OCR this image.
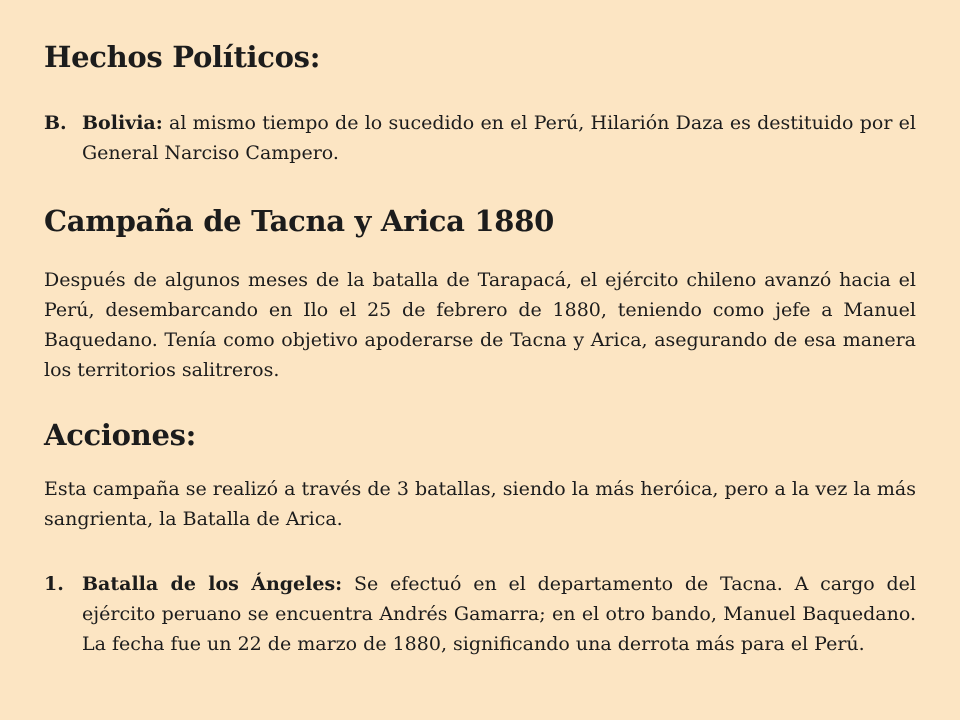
Hechos Políticos:
B. Bolivia: al mismo tiempo de lo sucedido en el Perú, Hilarión Daza es destituido por el General Narciso Campero.

Campaña de Tacna y Arica 1880

Después de algunos meses de la batalla de Tarapacá, el ejército chileno avanzó hacia el Perú, desembarcando en Ilo el 25 de febrero de 1880, teniendo como jefe a Manuel Baquedano. Tenía como objetivo apoderarse de Tacna y Arica, asegurando de esa manera los territorios salitreros.

Acciones:

Esta campaña se realizó a través de 3 batallas, siendo la más heróica, pero a la vez la más sangrienta, la Batalla de Arica.

1. Batalla de los Ángeles: Se efectuó en el departamento de Tacna. A cargo del ejército peruano se encuentra Andrés Gamarra; en el otro bando, Manuel Baquedano. La fecha fue un 22 de marzo de 1880, significando una derrota más para el Perú.
